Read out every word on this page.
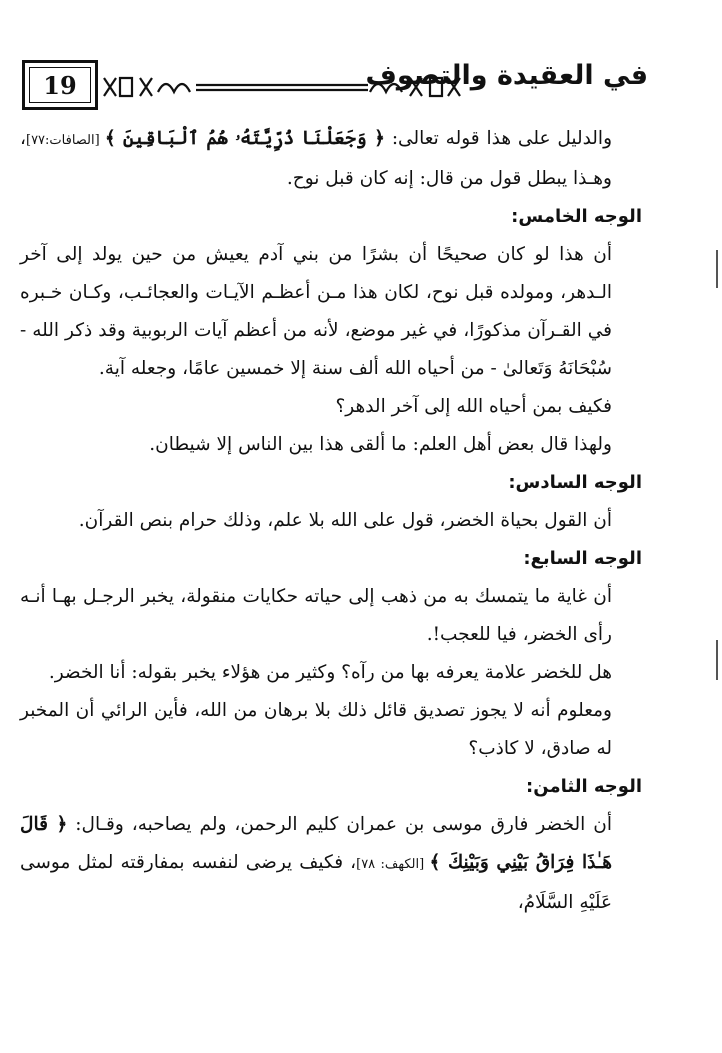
19	في العقيدة والتصوف

والدليل على هذا قوله تعالى: ﴿ وَجَعَلْنَا ذُرِّيَّتَهُۥ هُمُ ٱلْبَاقِينَ ﴾ [الصافات:٧٧]، وهـذا يبطل قول من قال: إنه كان قبل نوح.

الوجه الخامس:

أن هذا لو كان صحيحًا أن بشرًا من بني آدم يعيش من حين يولد إلى آخر الـدهر، ومولده قبل نوح، لكان هذا مـن أعظـم الآيـات والعجائـب، وكـان خـبره في القـرآن مذكورًا، في غير موضع، لأنه من أعظم آيات الربوبية وقد ذكر الله - سُبْحَانَهُ وَتَعالىٰ - من أحياه الله ألف سنة إلا خمسين عامًا، وجعله آية.

فكيف بمن أحياه الله إلى آخر الدهر؟

ولهذا قال بعض أهل العلم: ما ألقى هذا بين الناس إلا شيطان.

الوجه السادس:

أن القول بحياة الخضر، قول على الله بلا علم، وذلك حرام بنص القرآن.

الوجه السابع:

أن غاية ما يتمسك به من ذهب إلى حياته حكايات منقولة، يخبر الرجـل بهـا أنـه رأى الخضر، فيا للعجب!.

هل للخضر علامة يعرفه بها من رآه؟ وكثير من هؤلاء يخبر بقوله: أنا الخضر.

ومعلوم أنه لا يجوز تصديق قائل ذلك بلا برهان من الله، فأين الرائي أن المخبر له صادق، لا كاذب؟

الوجه الثامن:

أن الخضر فارق موسى بن عمران كليم الرحمن، ولم يصاحبه، وقـال: ﴿ قَالَ هَـٰذَا فِرَاقُ بَيْنِي وَبَيْنِكَ ﴾ [الكهف: ٧٨]، فكيف يرضى لنفسه بمفارقته لمثل موسى عَلَيْهِ السَّلَامُ،
